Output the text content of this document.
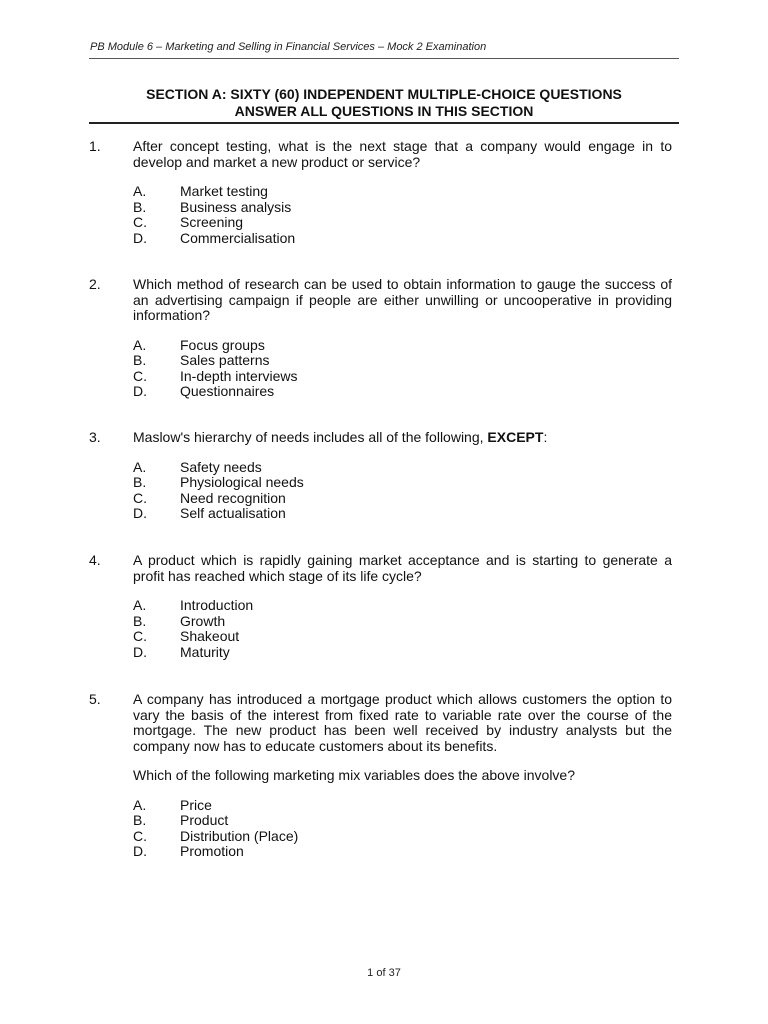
PB Module 6 – Marketing and Selling in Financial Services – Mock 2 Examination
SECTION A: SIXTY (60) INDEPENDENT MULTIPLE-CHOICE QUESTIONS
ANSWER ALL QUESTIONS IN THIS SECTION
1. After concept testing, what is the next stage that a company would engage in to develop and market a new product or service?
A.	Market testing
B.	Business analysis
C.	Screening
D.	Commercialisation
2. Which method of research can be used to obtain information to gauge the success of an advertising campaign if people are either unwilling or uncooperative in providing information?
A.	Focus groups
B.	Sales patterns
C.	In-depth interviews
D.	Questionnaires
3. Maslow's hierarchy of needs includes all of the following, EXCEPT:
A.	Safety needs
B.	Physiological needs
C.	Need recognition
D.	Self actualisation
4. A product which is rapidly gaining market acceptance and is starting to generate a profit has reached which stage of its life cycle?
A.	Introduction
B.	Growth
C.	Shakeout
D.	Maturity
5. A company has introduced a mortgage product which allows customers the option to vary the basis of the interest from fixed rate to variable rate over the course of the mortgage. The new product has been well received by industry analysts but the company now has to educate customers about its benefits.
Which of the following marketing mix variables does the above involve?
A.	Price
B.	Product
C.	Distribution (Place)
D.	Promotion
1 of 37
